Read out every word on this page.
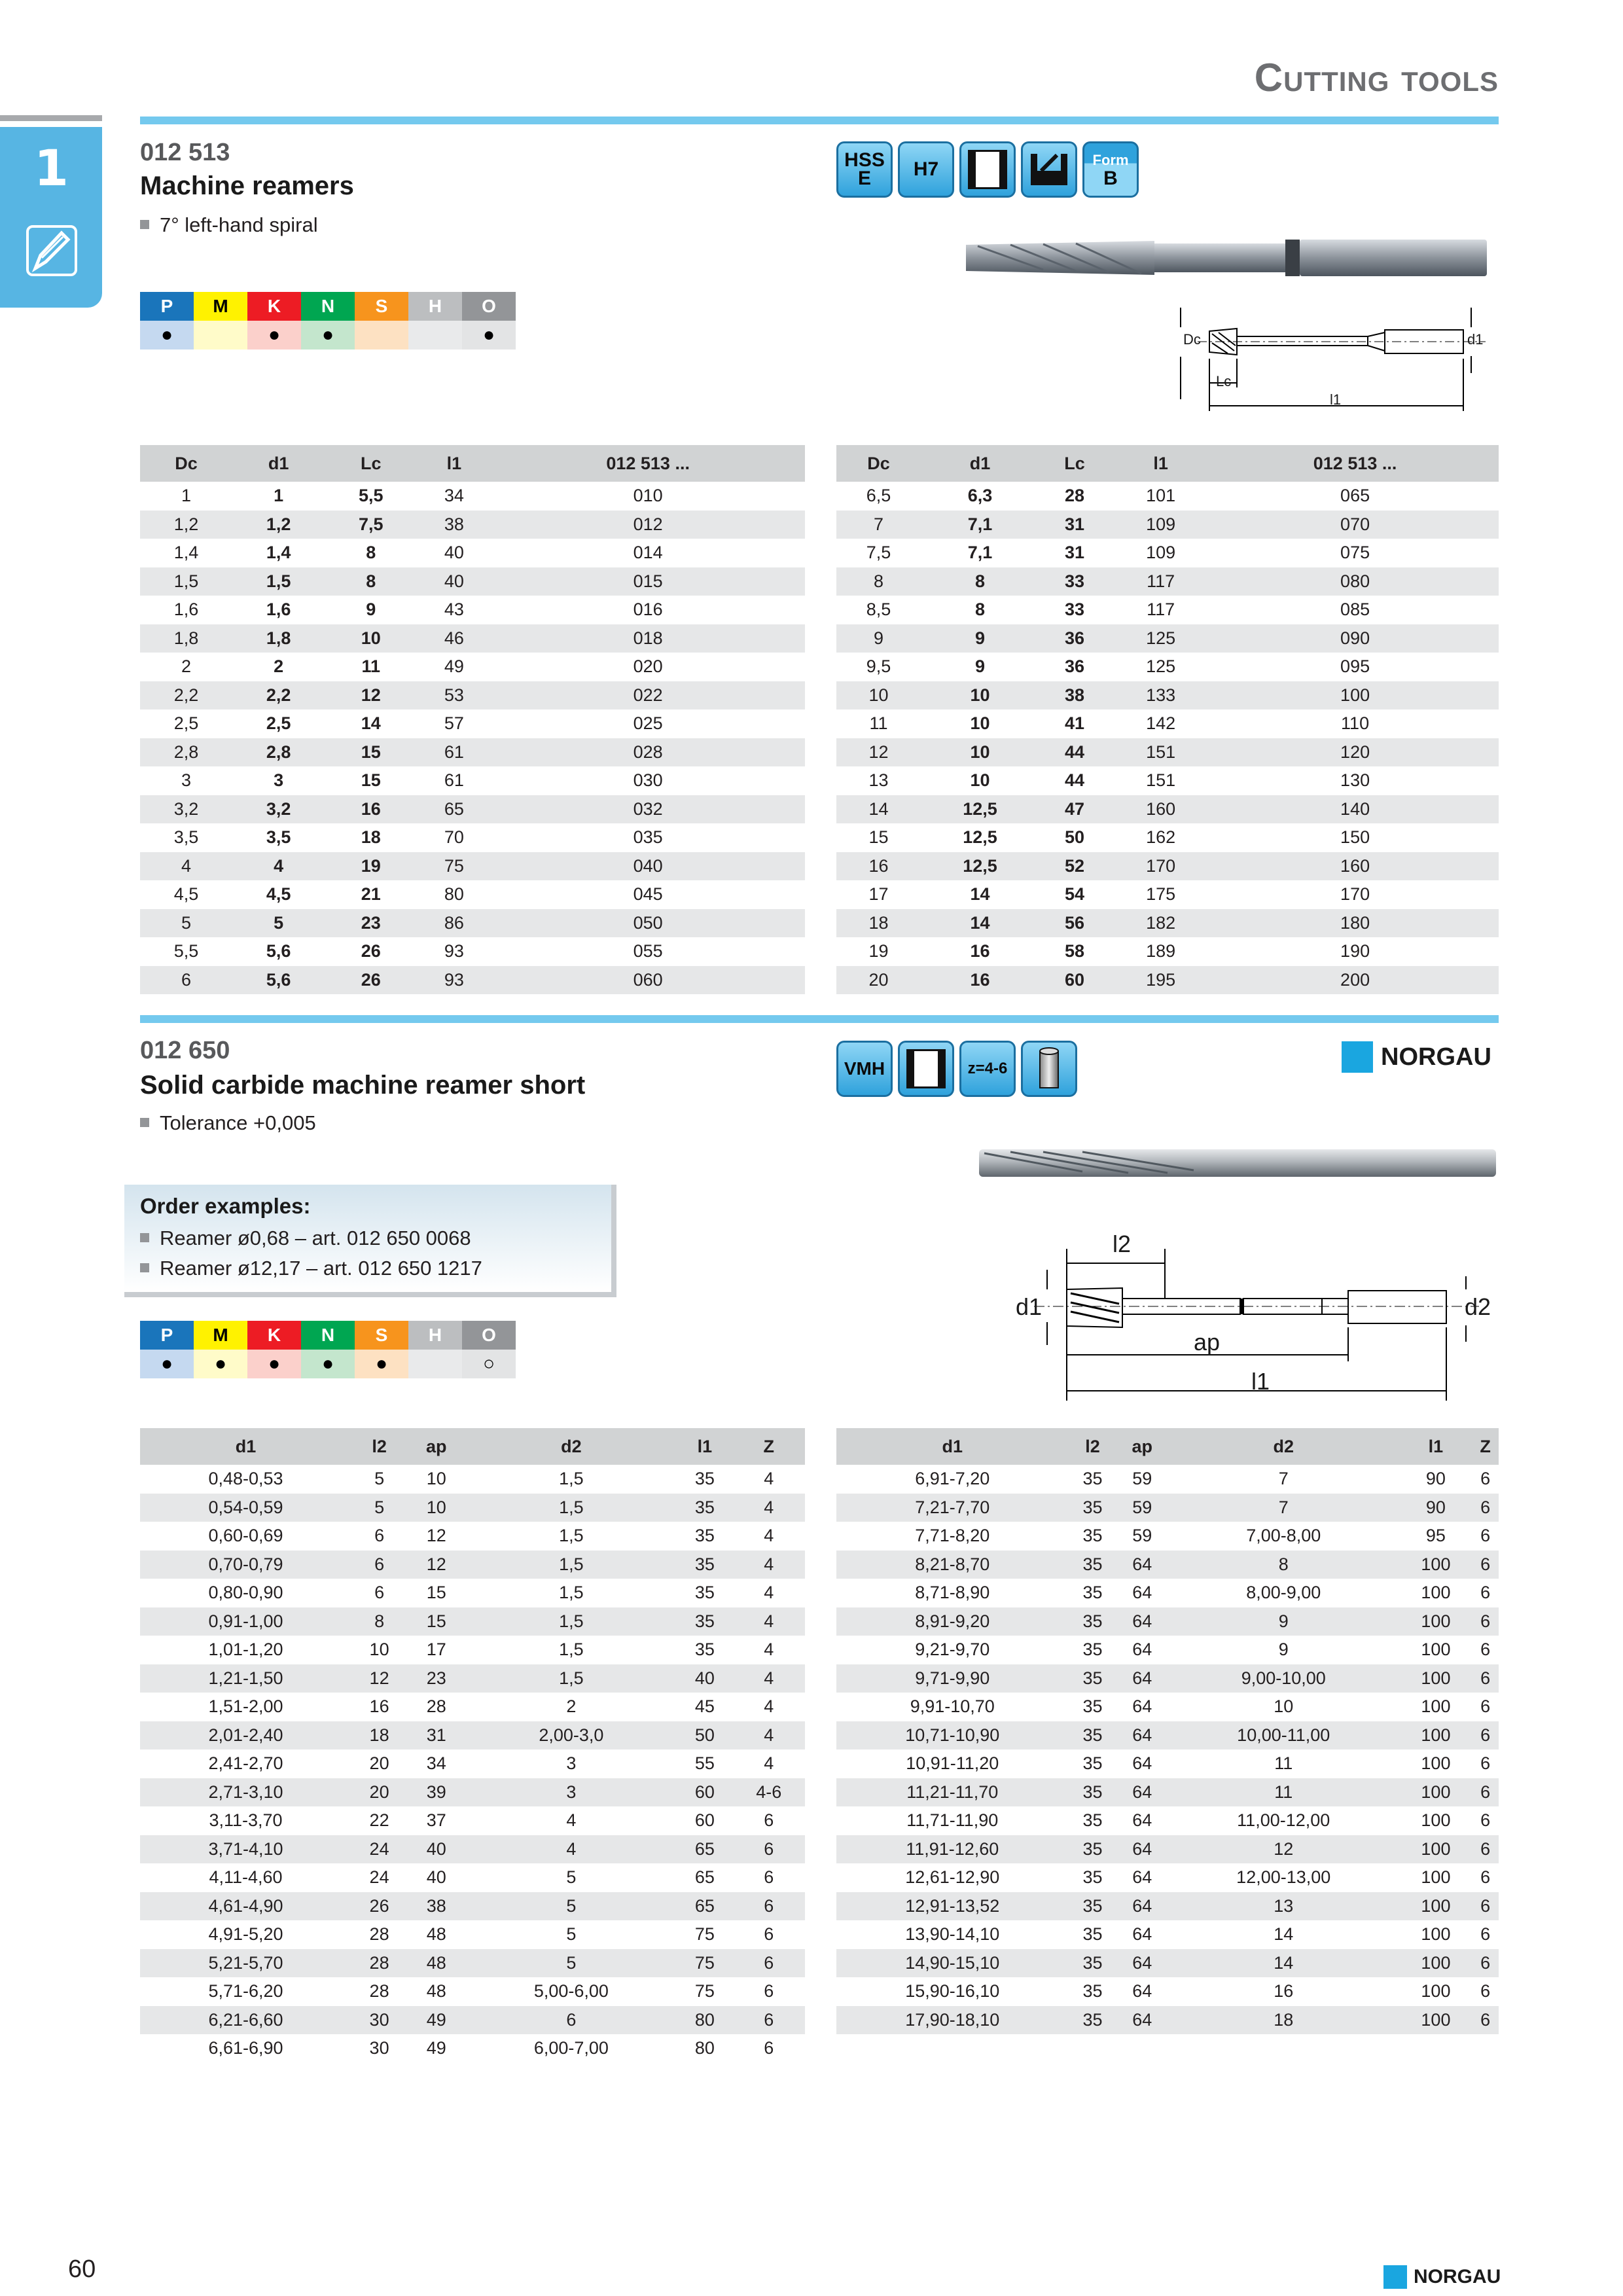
Cutting tools
1	012 513
Machine reamers
7° left-hand spiral
HSS
E H7	Form
B
Dc	d1
Lc
l1
P	M	K	N	S	H	O
●		●	●			●
Dc	d1	Lc	l1	012 513 ...
1	1	5,5	34	010
1,2	1,2	7,5	38	012
1,4	1,4	8	40	014
1,5	1,5	8	40	015
1,6	1,6	9	43	016
1,8	1,8	10	46	018
2	2	11	49	020
2,2	2,2	12	53	022
2,5	2,5	14	57	025
2,8	2,8	15	61	028
3	3	15	61	030
3,2	3,2	16	65	032
3,5	3,5	18	70	035
4	4	19	75	040
4,5	4,5	21	80	045
5	5	23	86	050
5,5	5,6	26	93	055
6	5,6	26	93	060
Dc	d1	Lc	l1	012 513 ...
6,5	6,3	28	101	065
7	7,1	31	109	070
7,5	7,1	31	109	075
8	8	33	117	080
8,5	8	33	117	085
9	9	36	125	090
9,5	9	36	125	095
10	10	38	133	100
11	10	41	142	110
12	10	44	151	120
13	10	44	151	130
14	12,5	47	160	140
15	12,5	50	162	150
16	12,5	52	170	160
17	14	54	175	170
18	14	56	182	180
19	16	58	189	190
20	16	60	195	200
012 650
Solid carbide machine reamer short
Tolerance +0,005
VMH	z=4-6	NORGAU
Order examples:
Reamer ø0,68 – art. 012 650 0068
Reamer ø12,17 – art. 012 650 1217
l2
d1	d2
ap
l1
P	M	K	N	S	H	O
●	●	●	●	●		○
d1	l2	ap	d2	l1	Z
0,48-0,53	5	10	1,5	35	4
0,54-0,59	5	10	1,5	35	4
0,60-0,69	6	12	1,5	35	4
0,70-0,79	6	12	1,5	35	4
0,80-0,90	6	15	1,5	35	4
0,91-1,00	8	15	1,5	35	4
1,01-1,20	10	17	1,5	35	4
1,21-1,50	12	23	1,5	40	4
1,51-2,00	16	28	2	45	4
2,01-2,40	18	31	2,00-3,0	50	4
2,41-2,70	20	34	3	55	4
2,71-3,10	20	39	3	60	4-6
3,11-3,70	22	37	4	60	6
3,71-4,10	24	40	4	65	6
4,11-4,60	24	40	5	65	6
4,61-4,90	26	38	5	65	6
4,91-5,20	28	48	5	75	6
5,21-5,70	28	48	5	75	6
5,71-6,20	28	48	5,00-6,00	75	6
6,21-6,60	30	49	6	80	6
6,61-6,90	30	49	6,00-7,00	80	6
d1	l2	ap	d2	l1	Z
6,91-7,20	35	59	7	90	6
7,21-7,70	35	59	7	90	6
7,71-8,20	35	59	7,00-8,00	95	6
8,21-8,70	35	64	8	100	6
8,71-8,90	35	64	8,00-9,00	100	6
8,91-9,20	35	64	9	100	6
9,21-9,70	35	64	9	100	6
9,71-9,90	35	64	9,00-10,00	100	6
9,91-10,70	35	64	10	100	6
10,71-10,90	35	64	10,00-11,00	100	6
10,91-11,20	35	64	11	100	6
11,21-11,70	35	64	11	100	6
11,71-11,90	35	64	11,00-12,00	100	6
11,91-12,60	35	64	12	100	6
12,61-12,90	35	64	12,00-13,00	100	6
12,91-13,52	35	64	13	100	6
13,90-14,10	35	64	14	100	6
14,90-15,10	35	64	14	100	6
15,90-16,10	35	64	16	100	6
17,90-18,10	35	64	18	100	6
60	NORGAU
